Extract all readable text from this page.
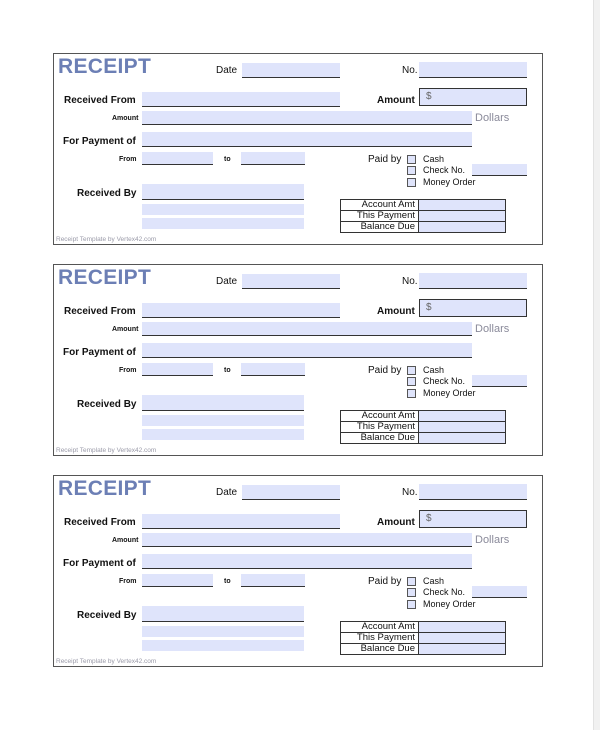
RECEIPT	Date	No.
Received From	Amount	$
Amount	Dollars
For Payment of
From	to	Paid by Cash
Check No.
Money Order
Received By
Account Amt	
This Payment	
Balance Due	
Receipt Template by Vertex42.com
RECEIPT	Date	No.
Received From	Amount	$
Amount	Dollars
For Payment of
From	to	Paid by Cash
Check No.
Money Order
Received By
Account Amt	
This Payment	
Balance Due	
Receipt Template by Vertex42.com
RECEIPT	Date	No.
Received From	Amount	$
Amount	Dollars
For Payment of
From	to	Paid by Cash
Check No.
Money Order
Received By
Account Amt	
This Payment	
Balance Due	
Receipt Template by Vertex42.com
